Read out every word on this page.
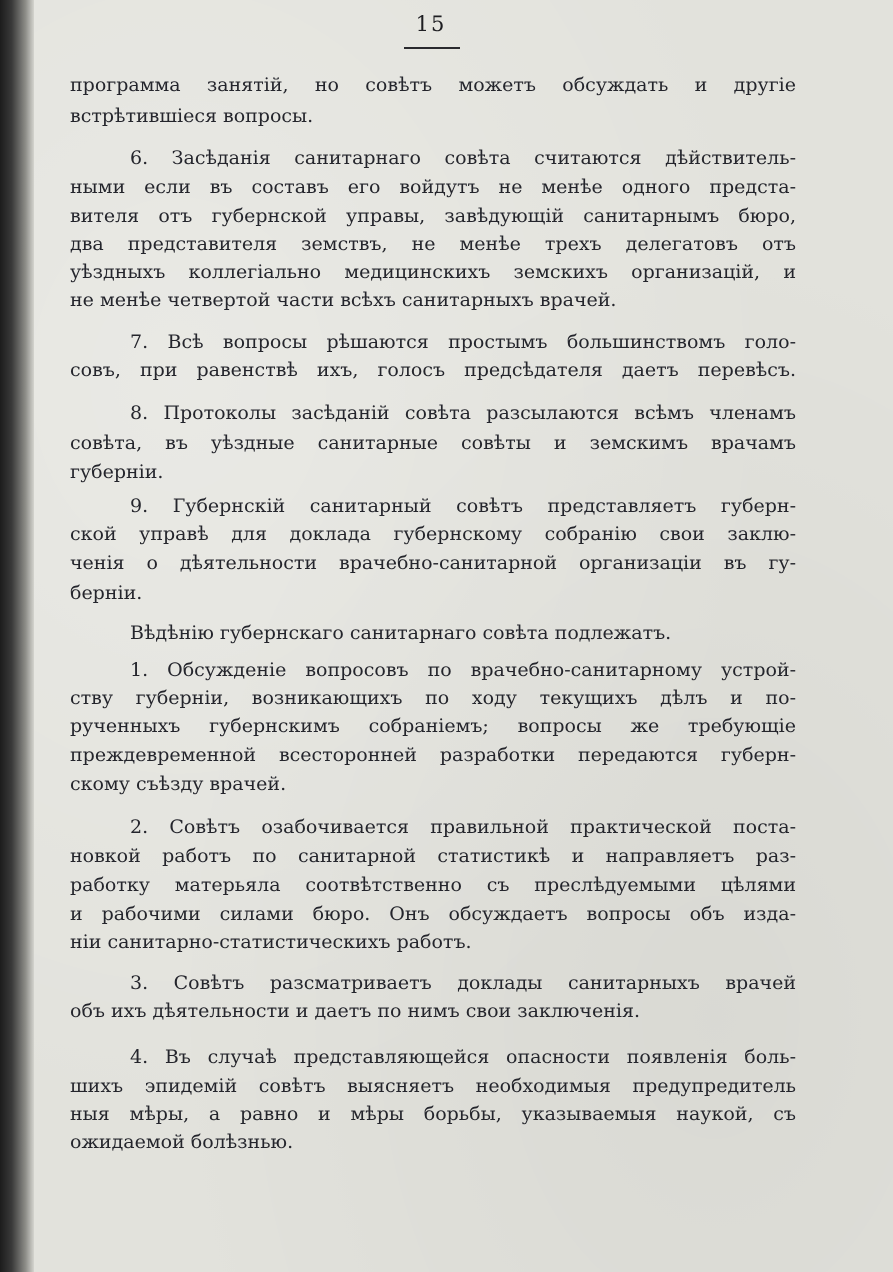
15
программа занятій, но совѣтъ можетъ обсуждать и другіе
встрѣтившіеся вопросы.
6. Засѣданія санитарнаго совѣта считаются дѣйствитель-
ными если въ составъ его войдутъ не менѣе одного предста-
вителя отъ губернской управы, завѣдующій санитарнымъ бюро,
два представителя земствъ, не менѣе трехъ делегатовъ отъ
уѣздныхъ коллегіально медицинскихъ земскихъ организацій, и
не менѣе четвертой части всѣхъ санитарныхъ врачей.
7. Всѣ вопросы рѣшаются простымъ большинствомъ голо-
совъ, при равенствѣ ихъ, голосъ предсѣдателя даетъ перевѣсъ.
8. Протоколы засѣданій совѣта разсылаются всѣмъ членамъ
совѣта, въ уѣздные санитарные совѣты и земскимъ врачамъ
губерніи.
9. Губернскій санитарный совѣтъ представляетъ губерн-
ской управѣ для доклада губернскому собранію свои заклю-
ченія о дѣятельности врачебно-санитарной организаціи въ гу-
берніи.
Вѣдѣнію губернскаго санитарнаго совѣта подлежатъ.
1. Обсужденіе вопросовъ по врачебно-санитарному устрой-
ству губерніи, возникающихъ по ходу текущихъ дѣлъ и по-
рученныхъ губернскимъ собраніемъ; вопросы же требующіе
преждевременной всесторонней разработки передаются губерн-
скому съѣзду врачей.
2. Совѣтъ озабочивается правильной практической поста-
новкой работъ по санитарной статистикѣ и направляетъ раз-
работку матерьяла соотвѣтственно съ преслѣдуемыми цѣлями
и рабочими силами бюро. Онъ обсуждаетъ вопросы объ изда-
ніи санитарно-статистическихъ работъ.
3. Совѣтъ разсматриваетъ доклады санитарныхъ врачей
объ ихъ дѣятельности и даетъ по нимъ свои заключенія.
4. Въ случаѣ представляющейся опасности появленія боль-
шихъ эпидемій совѣтъ выясняетъ необходимыя предупредитель
ныя мѣры, а равно и мѣры борьбы, указываемыя наукой, съ
ожидаемой болѣзнью.
